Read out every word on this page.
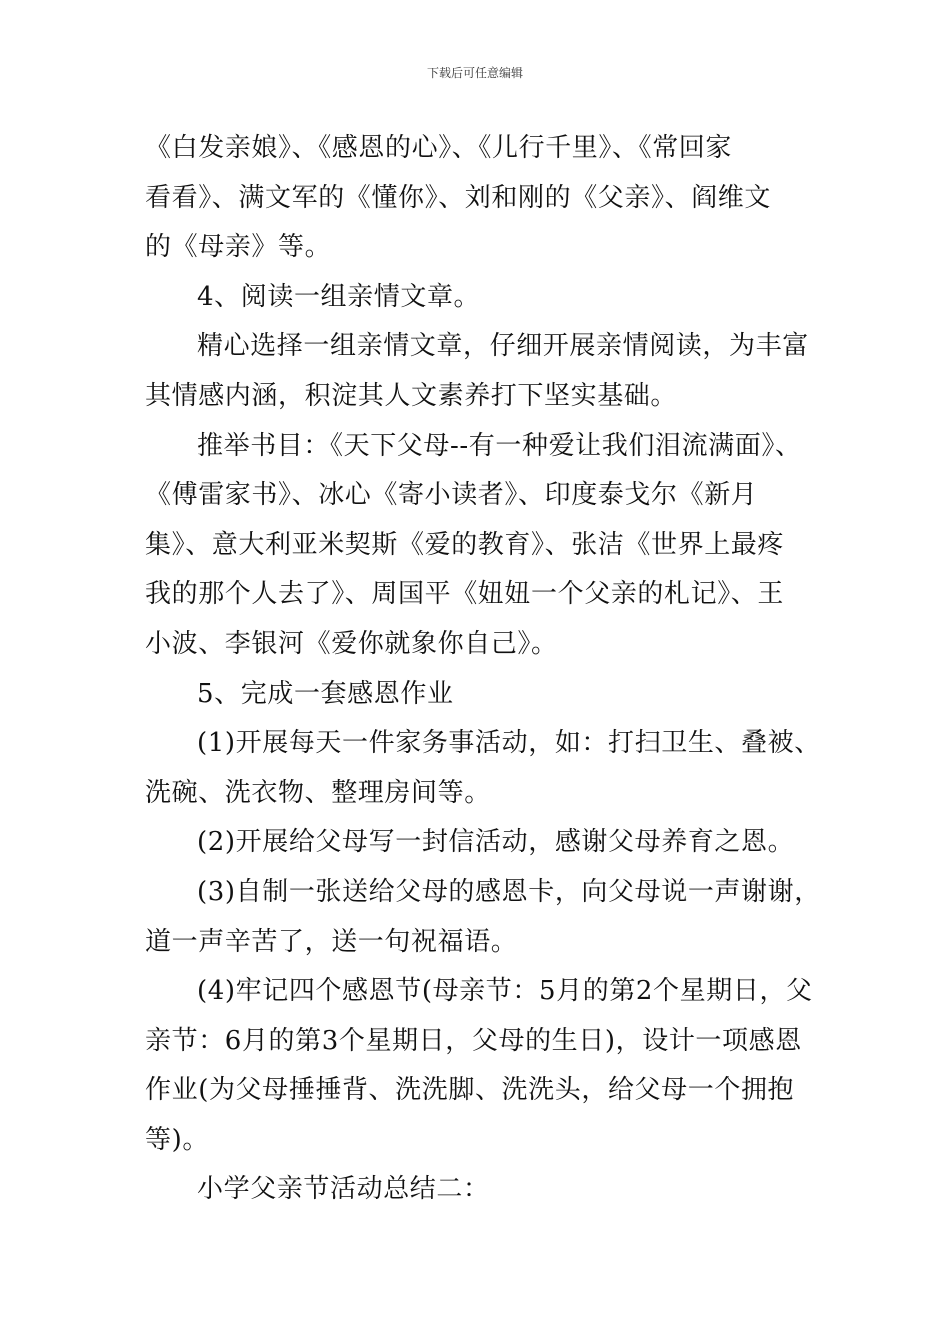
下载后可任意编辑

《白发亲娘》、《感恩的心》、《儿行千里》、《常回家

看看》、满文军的《懂你》、刘和刚的《父亲》、阎维文

的《母亲》等。

4、阅读一组亲情文章。

精心选择一组亲情文章，仔细开展亲情阅读，为丰富

其情感内涵，积淀其人文素养打下坚实基础。

推举书目：《天下父母--有一种爱让我们泪流满面》、

《傅雷家书》、冰心《寄小读者》、印度泰戈尔《新月

集》、意大利亚米契斯《爱的教育》、张洁《世界上最疼

我的那个人去了》、周国平《妞妞一个父亲的札记》、王

小波、李银河《爱你就象你自己》。

5、完成一套感恩作业

(1)开展每天一件家务事活动，如：打扫卫生、叠被、

洗碗、洗衣物、整理房间等。

(2)开展给父母写一封信活动，感谢父母养育之恩。

(3)自制一张送给父母的感恩卡，向父母说一声谢谢，

道一声辛苦了，送一句祝福语。

(4)牢记四个感恩节(母亲节：5月的第2个星期日，父

亲节：6月的第3个星期日，父母的生日)，设计一项感恩

作业(为父母捶捶背、洗洗脚、洗洗头，给父母一个拥抱

等)。

小学父亲节活动总结二：
